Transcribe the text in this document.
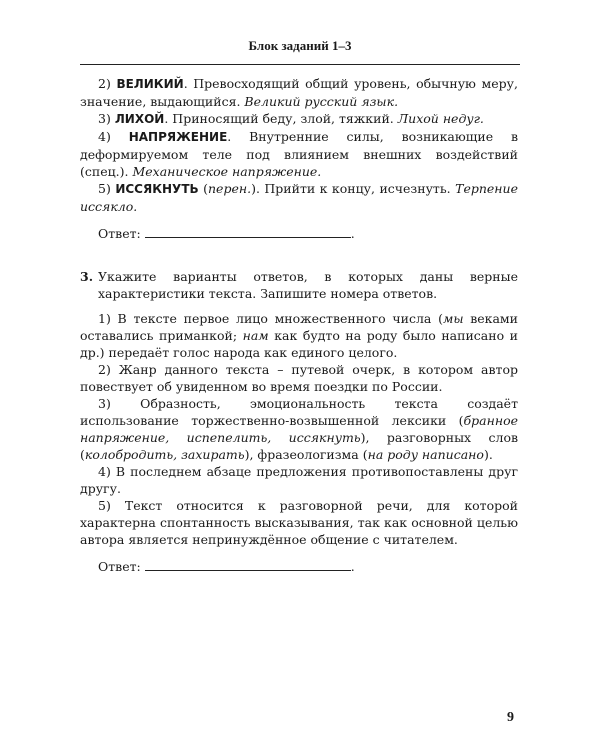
Блок заданий 1–3

2) ВЕЛИКИЙ. Превосходящий общий уровень, обычную меру, значение, выдающийся. Великий русский язык.

3) ЛИХОЙ. Приносящий беду, злой, тяжкий. Лихой недуг.

4) НАПРЯЖЕНИЕ. Внутренние силы, возникающие в деформируемом теле под влиянием внешних воздействий (спец.). Механическое напряжение.

5) ИССЯКНУТЬ (перен.). Прийти к концу, исчезнуть. Терпение иссякло.

Ответ:	.

3. Укажите варианты ответов, в которых даны верные характеристики текста. Запишите номера ответов.

1) В тексте первое лицо множественного числа (мы веками оставались приманкой; нам как будто на роду было написано и др.) передаёт голос народа как единого целого.

2) Жанр данного текста – путевой очерк, в котором автор повествует об увиденном во время поездки по России.

3) Образность, эмоциональность текста создаёт использование торжественно-возвышенной лексики (бранное напряжение, испепелить, иссякнуть), разговорных слов (колобродить, захирать), фразеологизма (на роду написано).

4) В последнем абзаце предложения противопоставлены друг другу.

5) Текст относится к разговорной речи, для которой характерна спонтанность высказывания, так как основной целью автора является непринуждённое общение с читателем.

Ответ:	.

9
